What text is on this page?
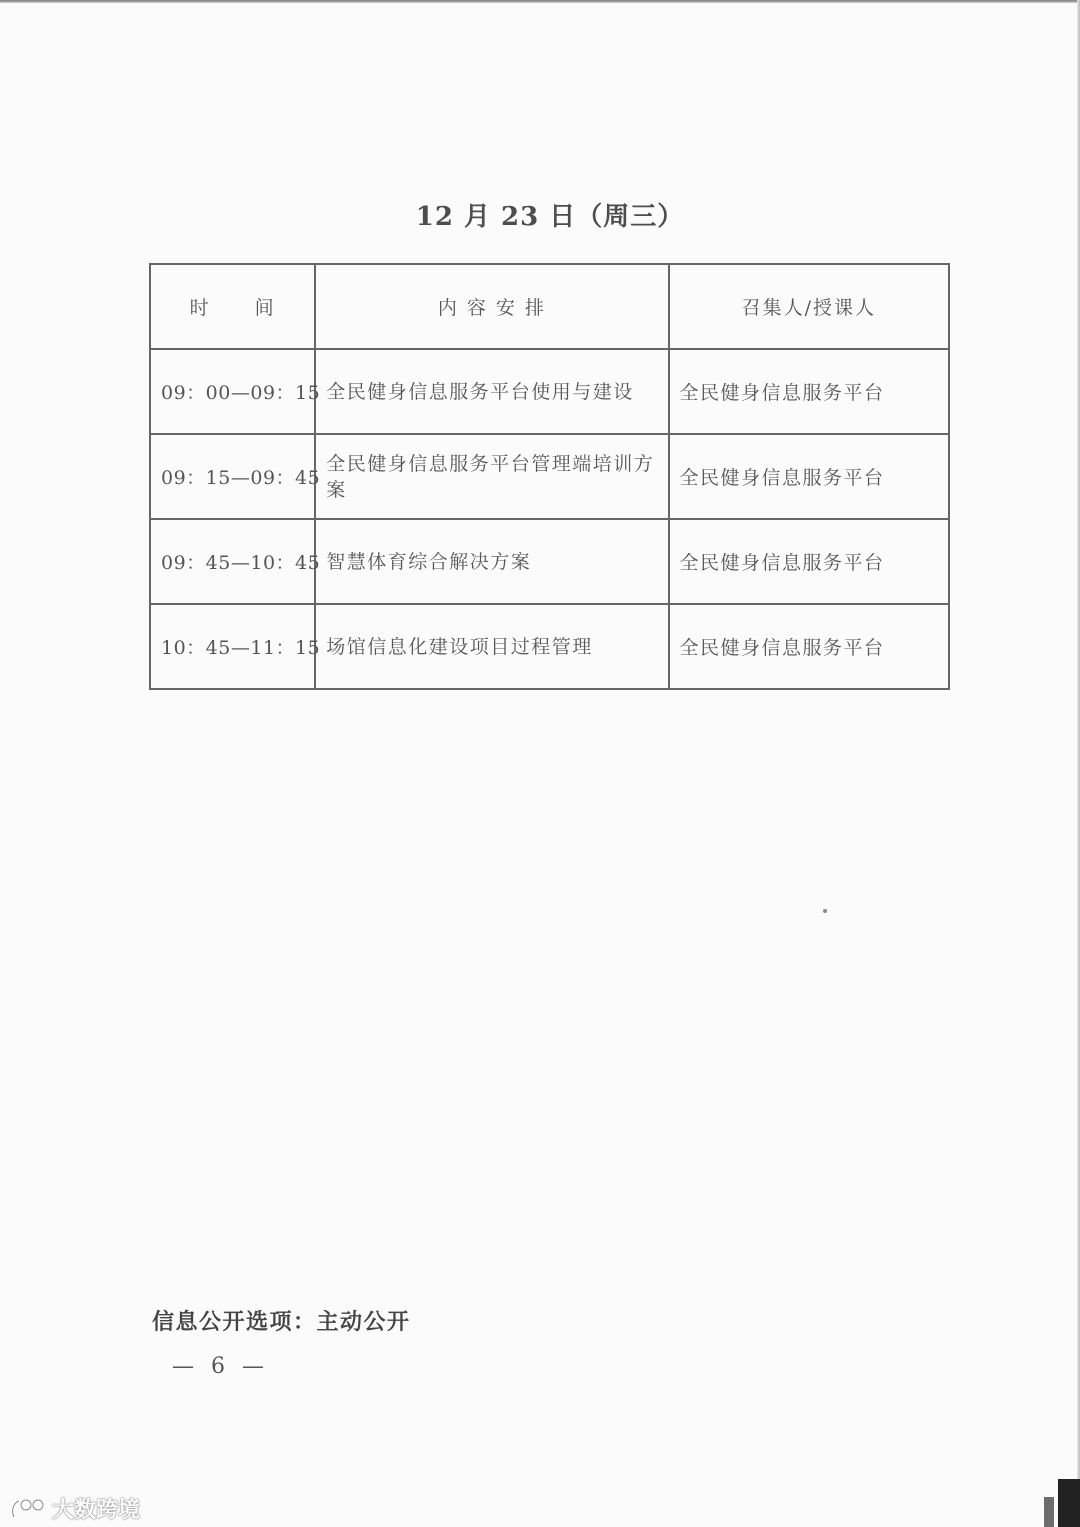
12 月 23 日（周三）
时 间	内 容 安 排	召集人/授课人
09：00—09：15	全民健身信息服务平台使用与建设	全民健身信息服务平台
09：15—09：45	全民健身信息服务平台管理端培训方案	全民健身信息服务平台
09：45—10：45	智慧体育综合解决方案	全民健身信息服务平台
10：45—11：15	场馆信息化建设项目过程管理	全民健身信息服务平台
信息公开选项：主动公开
— 6 —
大数跨境
